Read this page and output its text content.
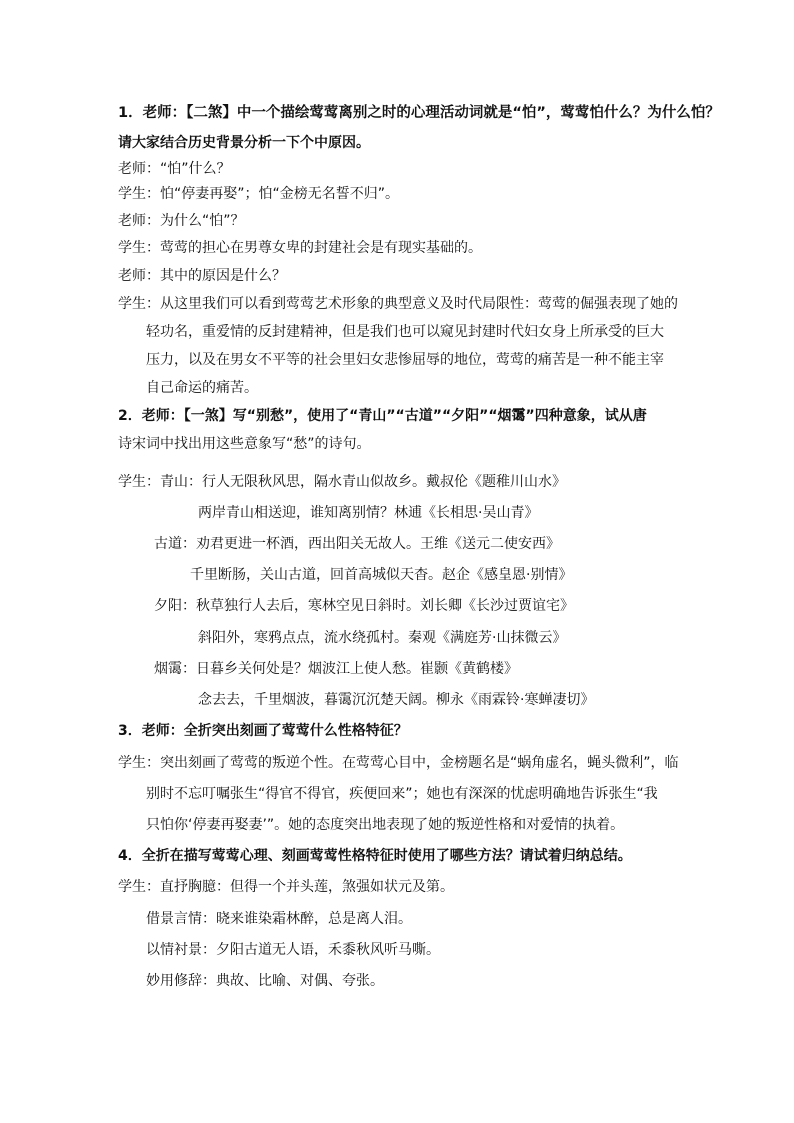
1．老师：【二煞】中一个描绘莺莺离别之时的心理活动词就是“怕”，莺莺怕什么？为什么怕？
请大家结合历史背景分析一下个中原因。
老师：“怕”什么？
学生：怕“停妻再娶”；怕“金榜无名誓不归”。
老师：为什么“怕”？
学生：莺莺的担心在男尊女卑的封建社会是有现实基础的。
老师：其中的原因是什么？
学生：从这里我们可以看到莺莺艺术形象的典型意义及时代局限性：莺莺的倔强表现了她的
轻功名，重爱情的反封建精神，但是我们也可以窥见封建时代妇女身上所承受的巨大
压力，以及在男女不平等的社会里妇女悲惨屈辱的地位，莺莺的痛苦是一种不能主宰
自己命运的痛苦。
2．老师：【一煞】写“别愁”，使用了“青山”“古道”“夕阳”“烟霭”四种意象，试从唐
诗宋词中找出用这些意象写“愁”的诗句。
学生：青山：行人无限秋风思，隔水青山似故乡。戴叔伦《题稚川山水》
两岸青山相送迎，谁知离别情？林逋《长相思·吴山青》
古道：劝君更进一杯酒，西出阳关无故人。王维《送元二使安西》
千里断肠，关山古道，回首高城似天杳。赵企《感皇恩·别情》
夕阳：秋草独行人去后，寒林空见日斜时。刘长卿《长沙过贾谊宅》
斜阳外，寒鸦点点，流水绕孤村。秦观《满庭芳·山抹微云》
烟霭：日暮乡关何处是？烟波江上使人愁。崔颢《黄鹤楼》
念去去，千里烟波，暮霭沉沉楚天阔。柳永《雨霖铃·寒蝉凄切》
3．老师：全折突出刻画了莺莺什么性格特征？
学生：突出刻画了莺莺的叛逆个性。在莺莺心目中，金榜题名是“蜗角虚名，蝇头微利”，临
别时不忘叮嘱张生“得官不得官，疾便回来”；她也有深深的忧虑明确地告诉张生“我
只怕你‘停妻再娶妻’”。她的态度突出地表现了她的叛逆性格和对爱情的执着。
4．全折在描写莺莺心理、刻画莺莺性格特征时使用了哪些方法？请试着归纳总结。
学生：直抒胸臆：但得一个并头莲，煞强如状元及第。
借景言情：晓来谁染霜林醉，总是离人泪。
以情衬景：夕阳古道无人语，禾黍秋风听马嘶。
妙用修辞：典故、比喻、对偶、夸张。
